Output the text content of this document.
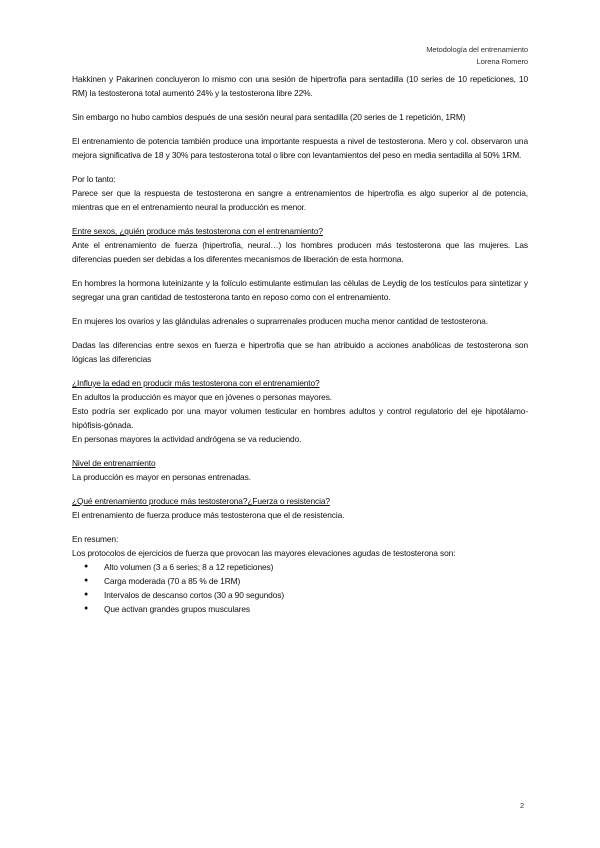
Metodología del entrenamiento
Lorena Romero

Hakkinen y Pakarinen concluyeron lo mismo con una sesión de hipertrofia para sentadilla (10 series de 10 repeticiones, 10 RM) la testosterona total aumentó 24% y la testosterona libre 22%.

Sin embargo no hubo cambios después de una sesión neural para sentadilla (20 series de 1 repetición, 1RM)

El entrenamiento de potencia también produce una importante respuesta a nivel de testosterona. Mero y col. observaron una mejora significativa de 18 y 30% para testosterona total o libre con levantamientos del peso en media sentadilla al 50% 1RM.

Por lo tanto:

Parece ser que la respuesta de testosterona en sangre a entrenamientos de hipertrofia es algo superior al de potencia, mientras que en el entrenamiento neural la producción es menor.

Entre sexos, ¿quién produce más testosterona con el entrenamiento?

Ante el entrenamiento de fuerza (hipertrofia, neural…) los hombres producen más testosterona que las mujeres. Las diferencias pueden ser debidas a los diferentes mecanismos de liberación de esta hormona.

En hombres la hormona luteinizante y la folículo estimulante estimulan las células de Leydig de los testículos para sintetizar y segregar una gran cantidad de testosterona tanto en reposo como con el entrenamiento.

En mujeres los ovarios y las glándulas adrenales o suprarrenales producen mucha menor cantidad de testosterona.

Dadas las diferencias entre sexos en fuerza e hipertrofia que se han atribuido a acciones anabólicas de testosterona son lógicas las diferencias

¿Influye la edad en producir más testosterona con el entrenamiento?

En adultos la producción es mayor que en jóvenes o personas mayores.

Esto podría ser explicado por una mayor volumen testicular en hombres adultos y control regulatorio del eje hipotálamo-hipófisis-gónada.

En personas mayores la actividad andrógena se va reduciendo.

Nivel de entrenamiento

La producción es mayor en personas entrenadas.

¿Qué entrenamiento produce más testosterona?¿Fuerza o resistencia?

El entrenamiento de fuerza produce más testosterona que el de resistencia.

En resumen:

Los protocolos de ejercicios de fuerza que provocan las mayores elevaciones agudas de testosterona son:

● Alto volumen (3 a 6 series; 8 a 12 repeticiones)
● Carga moderada (70 a 85 % de 1RM)
● Intervalos de descanso cortos (30 a 90 segundos)
● Que activan grandes grupos musculares
2
